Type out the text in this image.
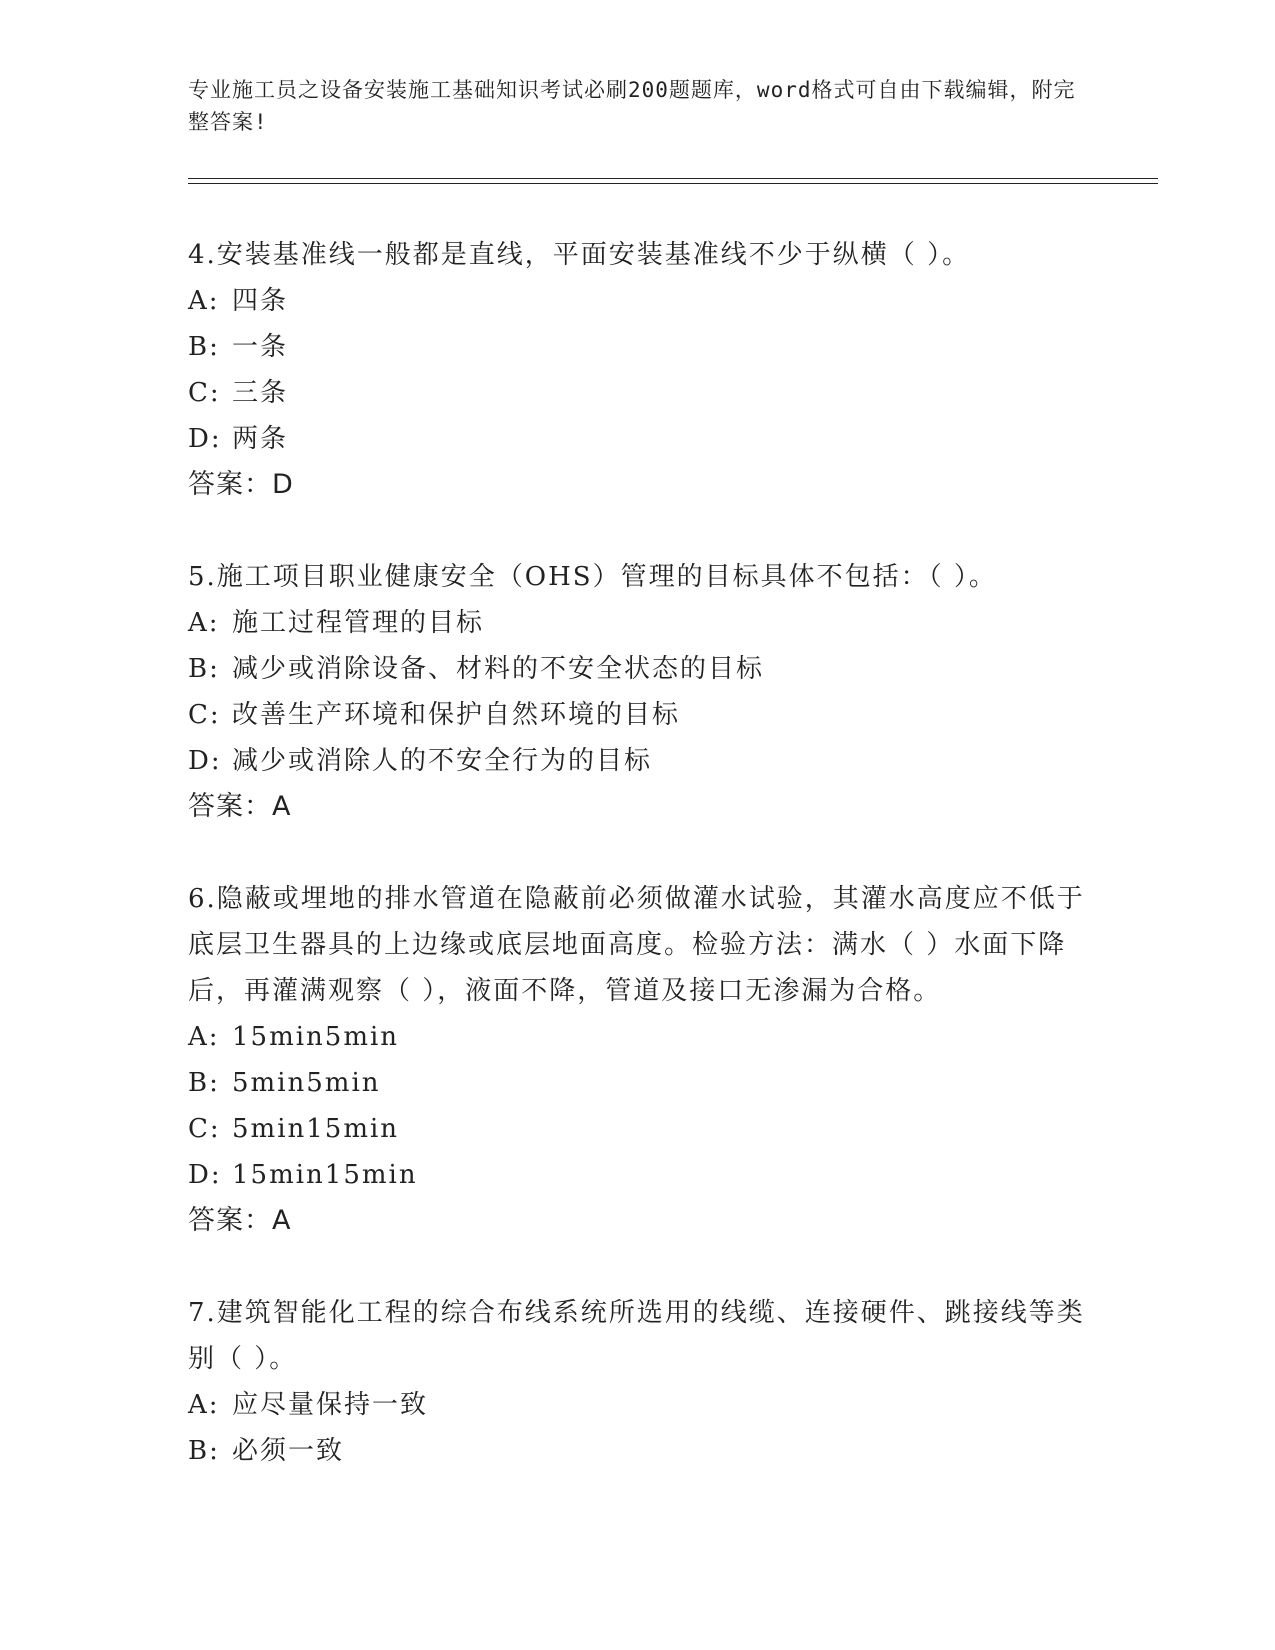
专业施工员之设备安装施工基础知识考试必刷200题题库，word格式可自由下载编辑，附完整答案!
4.安装基准线一般都是直线，平面安装基准线不少于纵横（ ）。
A: 四条
B: 一条
C: 三条
D: 两条
答案：D
5.施工项目职业健康安全（OHS）管理的目标具体不包括：（ ）。
A: 施工过程管理的目标
B: 减少或消除设备、材料的不安全状态的目标
C: 改善生产环境和保护自然环境的目标
D: 减少或消除人的不安全行为的目标
答案：A
6.隐蔽或埋地的排水管道在隐蔽前必须做灌水试验，其灌水高度应不低于底层卫生器具的上边缘或底层地面高度。检验方法：满水（ ）水面下降后，再灌满观察（ ），液面不降，管道及接口无渗漏为合格。
A: 15min5min
B: 5min5min
C: 5min15min
D: 15min15min
答案：A
7.建筑智能化工程的综合布线系统所选用的线缆、连接硬件、跳接线等类别（ ）。
A: 应尽量保持一致
B: 必须一致
